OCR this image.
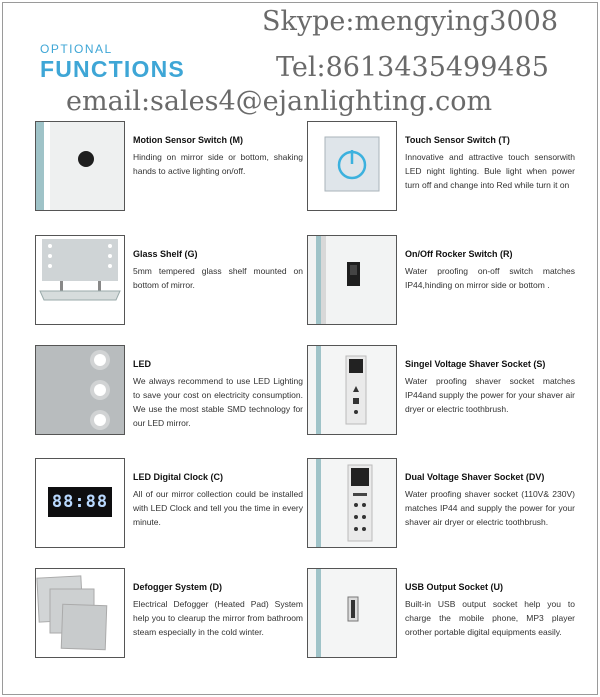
OPTIONAL
FUNCTIONS
Skype:mengying3008
Tel:8613435499485
email:sales4@ejanlighting.com
Motion Sensor Switch (M)
Hinding on mirror side or bottom, shaking hands to active lighting on/off.
Touch Sensor Switch (T)
Innovative and attractive touch sensorwith LED night lighting. Bule light when power turn off and change into Red while turn it on
Glass Shelf (G)
5mm tempered glass shelf mounted on bottom of mirror.
On/Off Rocker Switch (R)
Water proofing on-off switch matches IP44,hinding on mirror side or bottom .
LED
We always recommend to use LED Lighting to save your cost on electricity consumption. We use the most stable SMD technology for our LED mirror.
Singel Voltage Shaver Socket (S)
Water proofing shaver socket matches IP44and supply the power for your shaver air dryer or electric toothbrush.
88:88
LED Digital Clock (C)
All of our mirror collection could be installed with LED Clock and tell you the time in every minute.
Dual Voltage Shaver Socket (DV)
Water proofing shaver socket (110V& 230V) matches IP44 and supply the power for your shaver air dryer or electric toothbrush.
Defogger System (D)
Electrical Defogger (Heated Pad) System help you to clearup the mirror from bathroom steam especially in the cold winter.
USB Output Socket (U)
Built-in USB output socket help you to charge the mobile phone, MP3 player orother portable digital equipments easily.
